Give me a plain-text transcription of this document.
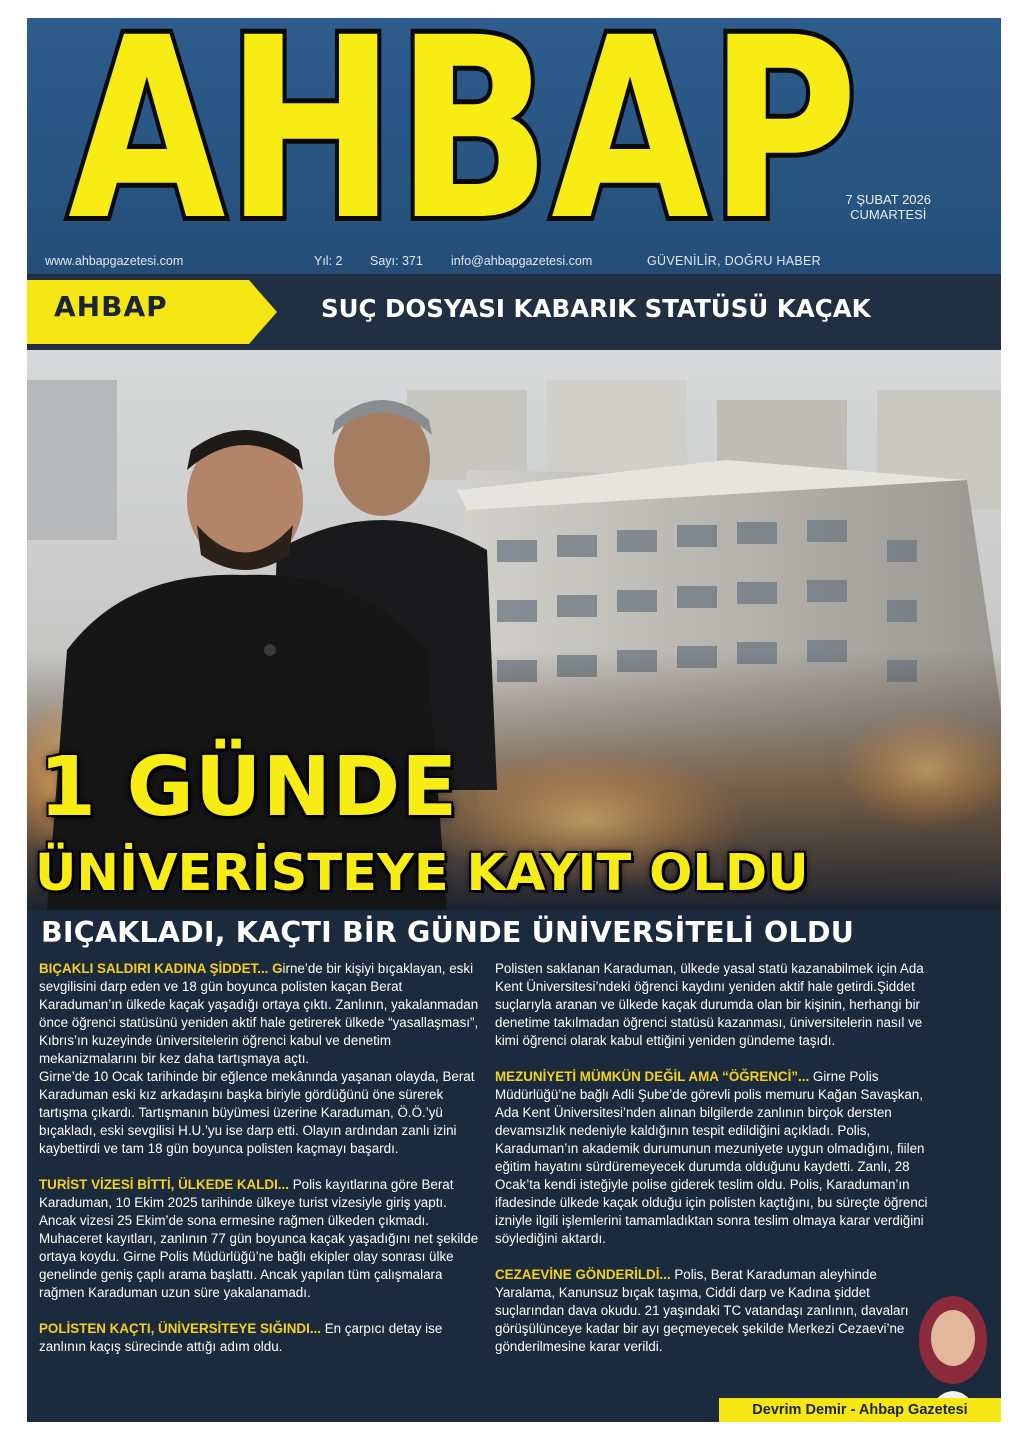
AHBAP
7 ŞUBAT 2026
CUMARTESİ
www.ahbapgazetesi.com	Yıl: 2 Sayı: 371 info@ahbapgazetesi.com	GÜVENİLİR, DOĞRU HABER
AHBAP	SUÇ DOSYASI KABARIK STATÜSÜ KAÇAK
1 GÜNDE
ÜNİVERİSTEYE KAYIT OLDU
BIÇAKLADI, KAÇTI BİR GÜNDE ÜNİVERSİTELİ OLDU

BIÇAKLI SALDIRI KADINA ŞİDDET... Girne’de bir kişiyi bıçaklayan, eski sevgilisini darp eden ve 18 gün boyunca polisten kaçan Berat Karaduman’ın ülkede kaçak yaşadığı ortaya çıktı. Zanlının, yakalanmadan önce öğrenci statüsünü yeniden aktif hale getirerek ülkede “yasallaşması”, Kıbrıs’ın kuzeyinde üniversitelerin öğrenci kabul ve denetim mekanizmalarını bir kez daha tartışmaya açtı.

Girne’de 10 Ocak tarihinde bir eğlence mekânında yaşanan olayda, Berat Karaduman eski kız arkadaşını başka biriyle gördüğünü öne sürerek tartışma çıkardı. Tartışmanın büyümesi üzerine Karaduman, Ö.Ö.’yü bıçakladı, eski sevgilisi H.U.’yu ise darp etti. Olayın ardından zanlı izini kaybettirdi ve tam 18 gün boyunca polisten kaçmayı başardı.

TURİST VİZESİ BİTTİ, ÜLKEDE KALDI... Polis kayıtlarına göre Berat Karaduman, 10 Ekim 2025 tarihinde ülkeye turist vizesiyle giriş yaptı. Ancak vizesi 25 Ekim’de sona ermesine rağmen ülkeden çıkmadı. Muhaceret kayıtları, zanlının 77 gün boyunca kaçak yaşadığını net şekilde ortaya koydu. Girne Polis Müdürlüğü’ne bağlı ekipler olay sonrası ülke genelinde geniş çaplı arama başlattı. Ancak yapılan tüm çalışmalara rağmen Karaduman uzun süre yakalanamadı.

POLİSTEN KAÇTI, ÜNİVERSİTEYE SIĞINDI... En çarpıcı detay ise zanlının kaçış sürecinde attığı adım oldu.

Polisten saklanan Karaduman, ülkede yasal statü kazanabilmek için Ada Kent Üniversitesi’ndeki öğrenci kaydını yeniden aktif hale getirdi.Şiddet suçlarıyla aranan ve ülkede kaçak durumda olan bir kişinin, herhangi bir denetime takılmadan öğrenci statüsü kazanması, üniversitelerin nasıl ve kimi öğrenci olarak kabul ettiğini yeniden gündeme taşıdı.

MEZUNİYETİ MÜMKÜN DEĞİL AMA “ÖĞRENCİ”... Girne Polis Müdürlüğü’ne bağlı Adli Şube’de görevli polis memuru Kağan Savaşkan, Ada Kent Üniversitesi’nden alınan bilgilerde zanlının birçok dersten devamsızlık nedeniyle kaldığının tespit edildiğini açıkladı. Polis, Karaduman’ın akademik durumunun mezuniyete uygun olmadığını, fiilen eğitim hayatını sürdüremeyecek durumda olduğunu kaydetti. Zanlı, 28 Ocak’ta kendi isteğiyle polise giderek teslim oldu. Polis, Karaduman’ın ifadesinde ülkede kaçak olduğu için polisten kaçtığını, bu süreçte öğrenci izniyle ilgili işlemlerini tamamladıktan sonra teslim olmaya karar verdiğini söylediğini aktardı.

CEZAEVİNE GÖNDERİLDİ... Polis, Berat Karaduman aleyhinde Yaralama, Kanunsuz bıçak taşıma, Ciddi darp ve Kadına şiddet suçlarından dava okudu. 21 yaşındaki TC vatandaşı zanlının, davaları görüşülünceye kadar bir ayı geçmeyecek şekilde Merkezi Cezaevi’ne gönderilmesine karar verildi.

Devrim Demir - Ahbap Gazetesi
